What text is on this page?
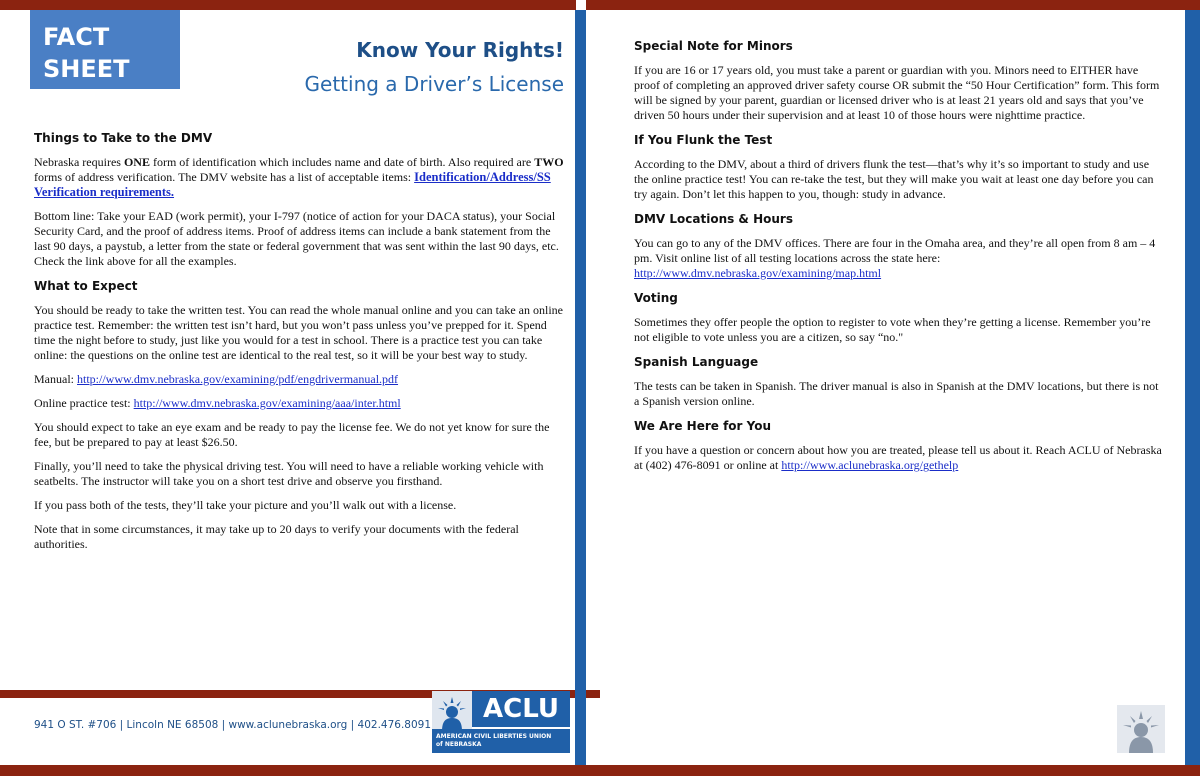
FACT
SHEET
Know Your Rights!
Getting a Driver’s License
Things to Take to the DMV

Nebraska requires ONE form of identification which includes name and date of birth. Also required are TWO forms of address verification. The DMV website has a list of acceptable items: Identification/Address/SS Verification requirements.

Bottom line: Take your EAD (work permit), your I-797 (notice of action for your DACA status), your Social Security Card, and the proof of address items. Proof of address items can include a bank statement from the last 90 days, a paystub, a letter from the state or federal government that was sent within the last 90 days, etc. Check the link above for all the examples.

What to Expect

You should be ready to take the written test. You can read the whole manual online and you can take an online practice test. Remember: the written test isn’t hard, but you won’t pass unless you’ve prepped for it. Spend time the night before to study, just like you would for a test in school. There is a practice test you can take online: the questions on the online test are identical to the real test, so it will be your best way to study.

Manual: http://www.dmv.nebraska.gov/examining/pdf/engdrivermanual.pdf

Online practice test: http://www.dmv.nebraska.gov/examining/aaa/inter.html

You should expect to take an eye exam and be ready to pay the license fee. We do not yet know for sure the fee, but be prepared to pay at least $26.50.

Finally, you’ll need to take the physical driving test. You will need to have a reliable working vehicle with seatbelts. The instructor will take you on a short test drive and observe you firsthand.

If you pass both of the tests, they’ll take your picture and you’ll walk out with a license.

Note that in some circumstances, it may take up to 20 days to verify your documents with the federal authorities.

Special Note for Minors

If you are 16 or 17 years old, you must take a parent or guardian with you. Minors need to EITHER have proof of completing an approved driver safety course OR submit the “50 Hour Certification” form. This form will be signed by your parent, guardian or licensed driver who is at least 21 years old and says that you’ve driven 50 hours under their supervision and at least 10 of those hours were nighttime practice.

If You Flunk the Test

According to the DMV, about a third of drivers flunk the test—that’s why it’s so important to study and use the online practice test! You can re-take the test, but they will make you wait at least one day before you can try again. Don’t let this happen to you, though: study in advance.

DMV Locations & Hours

You can go to any of the DMV offices. There are four in the Omaha area, and they’re all open from 8 am – 4 pm. Visit online list of all testing locations across the state here: http://www.dmv.nebraska.gov/examining/map.html

Voting

Sometimes they offer people the option to register to vote when they’re getting a license. Remember you’re not eligible to vote unless you are a citizen, so say “no."

Spanish Language

The tests can be taken in Spanish. The driver manual is also in Spanish at the DMV locations, but there is not a Spanish version online.

We Are Here for You

If you have a question or concern about how you are treated, please tell us about it. Reach ACLU of Nebraska at (402) 476-8091 or online at http://www.aclunebraska.org/gethelp

941 O ST. #706 | Lincoln NE 68508 | www.aclunebraska.org | 402.476.8091
ACLU
AMERICAN CIVIL LIBERTIES UNION
of NEBRASKA
